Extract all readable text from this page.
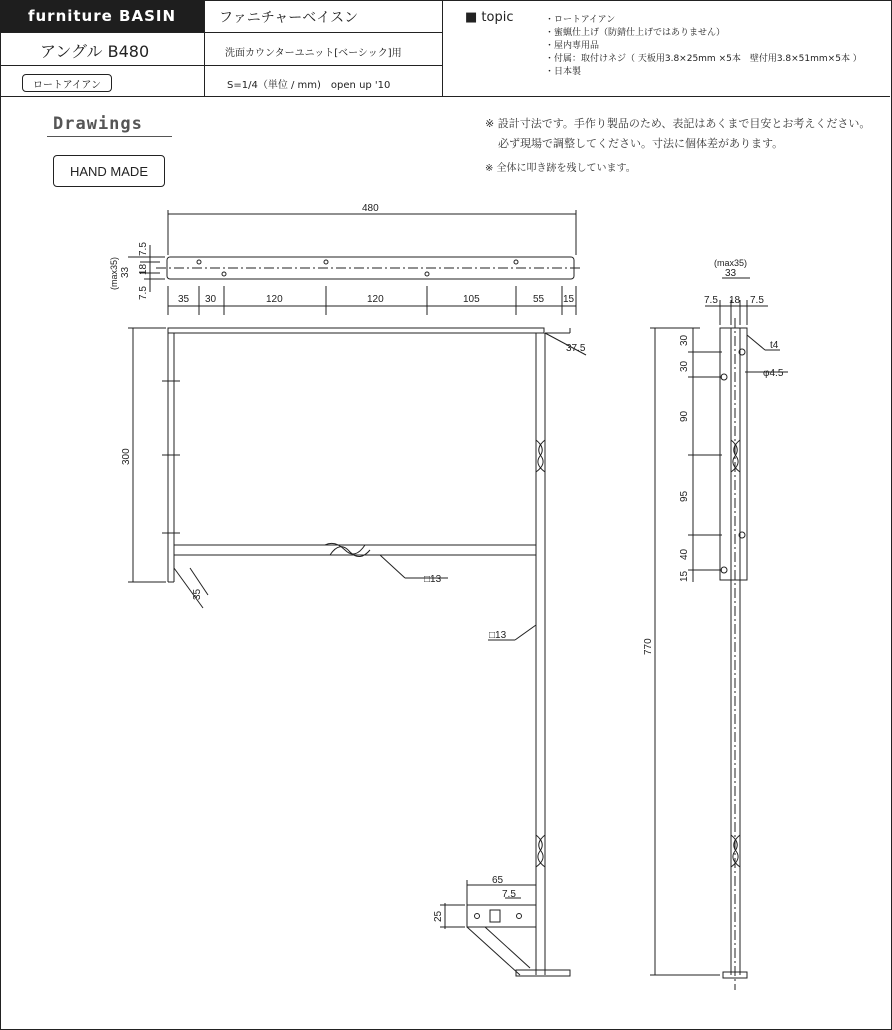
furniture BASIN	ファニチャーベイスン
アングル B480	洗面カウンターユニット[ベーシック]用
ロートアイアン	S=1/4（単位 / mm)　open up '10
■ topic	・ロートアイアン
・蜜蝋仕上げ（防錆仕上げではありません）
・屋内専用品
・付属：取付けネジ（ 天板用3.8×25mm ×5本　壁付用3.8×51mm×5本 ）
・日本製
Drawings
HAND MADE
※ 設計寸法です。手作り製品のため、表記はあくまで目安とお考えください。
必ず現場で調整してください。寸法に個体差があります。
※ 全体に叩き跡を残しています。
480
35 30	120	120	105	55 15
7.5
33 18
7.5
(max35)
300
37.5
35
□13
□13
770
65
7.5
25
(max35)
33
7.5 18 7.5
30
30
90
95
40
15
t4
φ4.5
